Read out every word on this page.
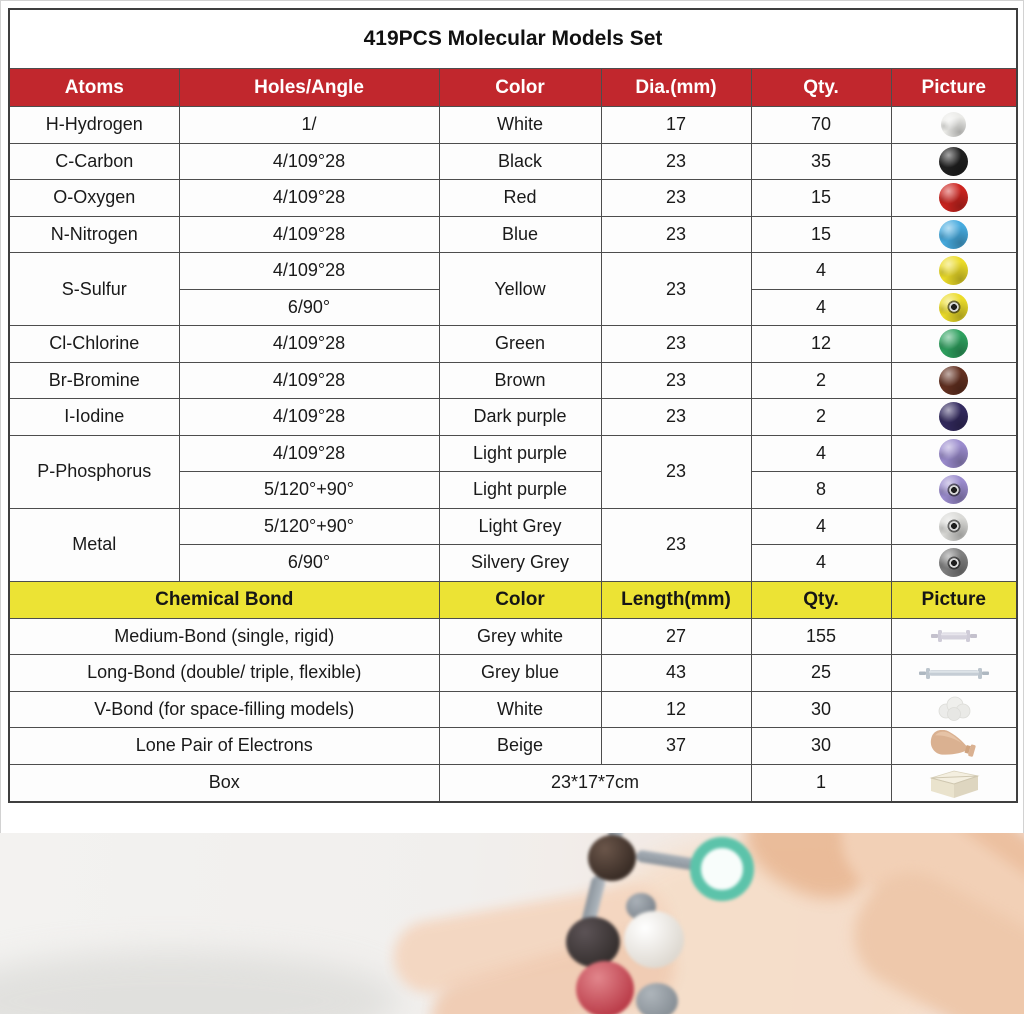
419PCS Molecular Models Set					
Atoms	Holes/Angle	Color	Dia.(mm)	Qty.	Picture
H-Hydrogen	1/	White	17	70	
C-Carbon	4/109°28	Black	23	35	
O-Oxygen	4/109°28	Red	23	15	
N-Nitrogen	4/109°28	Blue	23	15	
S-Sulfur	4/109°28	Yellow	23	4	
	6/90°			4	
Cl-Chlorine	4/109°28	Green	23	12	
Br-Bromine	4/109°28	Brown	23	2	
I-Iodine	4/109°28	Dark purple	23	2	
P-Phosphorus	4/109°28	Light purple	23	4	
	5/120°+90°	Light purple		8	
Metal	5/120°+90°	Light Grey	23	4	
	6/90°	Silvery Grey		4	
Chemical Bond		Color	Length(mm)	Qty.	Picture
Medium-Bond (single, rigid)		Grey white	27	155	
Long-Bond (double/ triple, flexible)		Grey blue	43	25	
V-Bond (for space-filling models)		White	12	30	
Lone Pair of Electrons		Beige	37	30	
Box		23*17*7cm		1	
